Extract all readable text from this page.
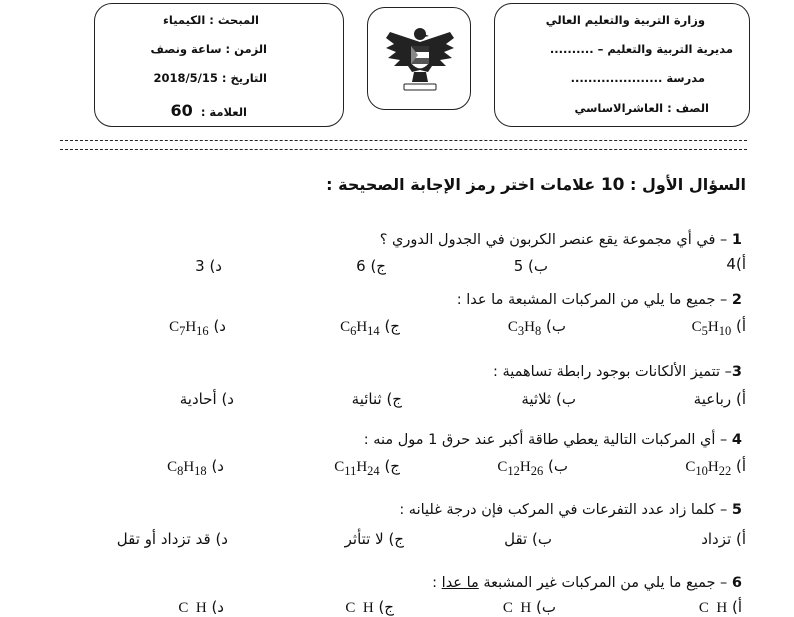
وزارة التربية والتعليم العالي
مديرية التربية والتعليم – ..........
مدرسة .....................
الصف : العاشرالاساسي
المبحث : الكيمياء
الزمن : ساعة ونصف
التاريخ : 2018/5/15
العلامة : 60
السؤال الأول : 10 علامات اختر رمز الإجابة الصحيحة :
1 – في أي مجموعة يقع عنصر الكربون في الجدول الدوري ؟
أ)4
ب) 5
ج) 6
د) 3
2 – جميع ما يلي من المركبات المشبعة ما عدا :
أ) $C_5H_{10}$
ب) $C_3H_8$
ج) $C_6H_{14}$
د) $C_7H_{16}$
3– تتميز الألكانات بوجود رابطة تساهمية :
أ) رباعية
ب) ثلاثية
ج) ثنائية
د) أحادية
4 – أي المركبات التالية يعطي طاقة أكبر عند حرق 1 مول منه :
أ) $C_{10}H_{22}$
ب) $C_{12}H_{26}$
ج) $C_{11}H_{24}$
د) $C_8H_{18}$
5 – كلما زاد عدد التفرعات في المركب فإن درجة غليانه :
أ) تزداد
ب) تقل
ج) لا تتأثر
د) قد تزداد أو تقل
6 – جميع ما يلي من المركبات غير المشبعة ما عدا :
أ) C H
ب) C H
ج) C H
د) C H
